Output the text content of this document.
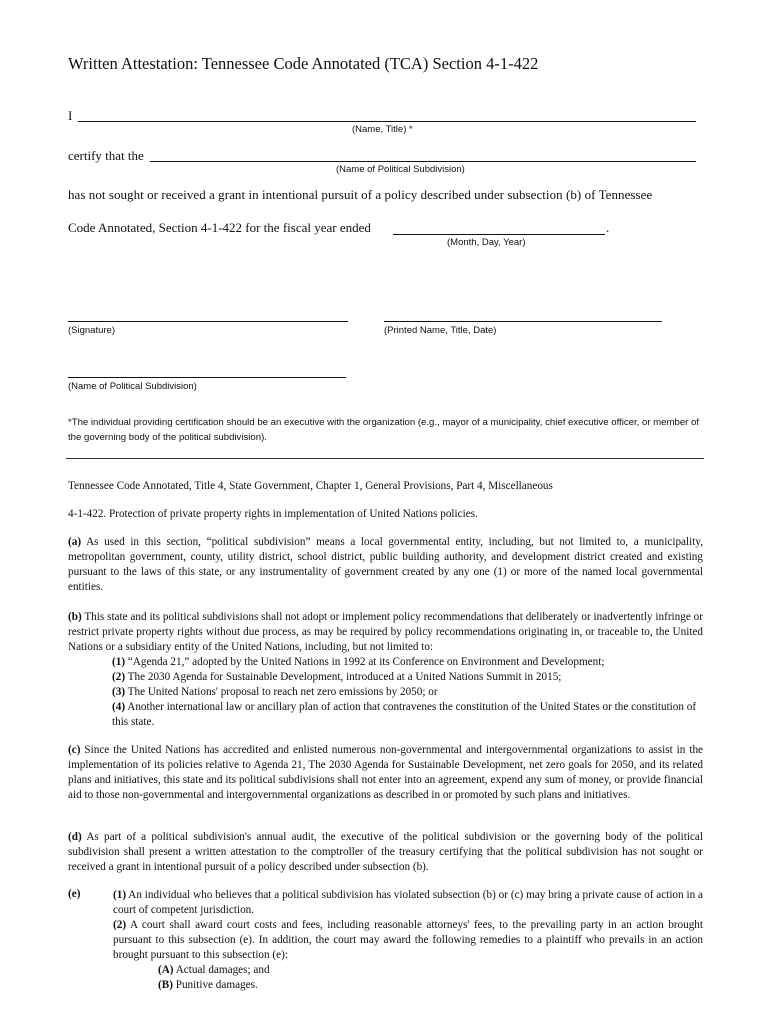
Written Attestation: Tennessee Code Annotated (TCA) Section 4-1-422
I
(Name, Title) *
certify that the
(Name of Political Subdivision)
has not sought or received a grant in intentional pursuit of a policy described under subsection (b) of Tennessee
Code Annotated, Section 4-1-422 for the fiscal year ended	.
(Month, Day, Year)
(Signature)	(Printed Name, Title, Date)
(Name of Political Subdivision)
*The individual providing certification should be an executive with the organization (e.g., mayor of a municipality, chief executive officer, or member of the governing body of the political subdivision).
Tennessee Code Annotated, Title 4, State Government, Chapter 1, General Provisions, Part 4, Miscellaneous
4-1-422. Protection of private property rights in implementation of United Nations policies.
(a) As used in this section, “political subdivision” means a local governmental entity, including, but not limited to, a municipality, metropolitan government, county, utility district, school district, public building authority, and development district created and existing pursuant to the laws of this state, or any instrumentality of government created by any one (1) or more of the named local governmental entities.
(b) This state and its political subdivisions shall not adopt or implement policy recommendations that deliberately or inadvertently infringe or restrict private property rights without due process, as may be required by policy recommendations originating in, or traceable to, the United Nations or a subsidiary entity of the United Nations, including, but not limited to:
(1) “Agenda 21,” adopted by the United Nations in 1992 at its Conference on Environment and Development;
(2) The 2030 Agenda for Sustainable Development, introduced at a United Nations Summit in 2015;
(3) The United Nations' proposal to reach net zero emissions by 2050; or
(4) Another international law or ancillary plan of action that contravenes the constitution of the United States or the constitution of this state.
(c) Since the United Nations has accredited and enlisted numerous non-governmental and intergovernmental organizations to assist in the implementation of its policies relative to Agenda 21, The 2030 Agenda for Sustainable Development, net zero goals for 2050, and its related plans and initiatives, this state and its political subdivisions shall not enter into an agreement, expend any sum of money, or provide financial aid to those non-governmental and intergovernmental organizations as described in or promoted by such plans and initiatives.
(d) As part of a political subdivision's annual audit, the executive of the political subdivision or the governing body of the political subdivision shall present a written attestation to the comptroller of the treasury certifying that the political subdivision has not sought or received a grant in intentional pursuit of a policy described under subsection (b).
(e)	(1) An individual who believes that a political subdivision has violated subsection (b) or (c) may bring a private cause of action in a court of competent jurisdiction.
(2) A court shall award court costs and fees, including reasonable attorneys' fees, to the prevailing party in an action brought pursuant to this subsection (e). In addition, the court may award the following remedies to a plaintiff who prevails in an action brought pursuant to this subsection (e):
(A) Actual damages; and
(B) Punitive damages.
